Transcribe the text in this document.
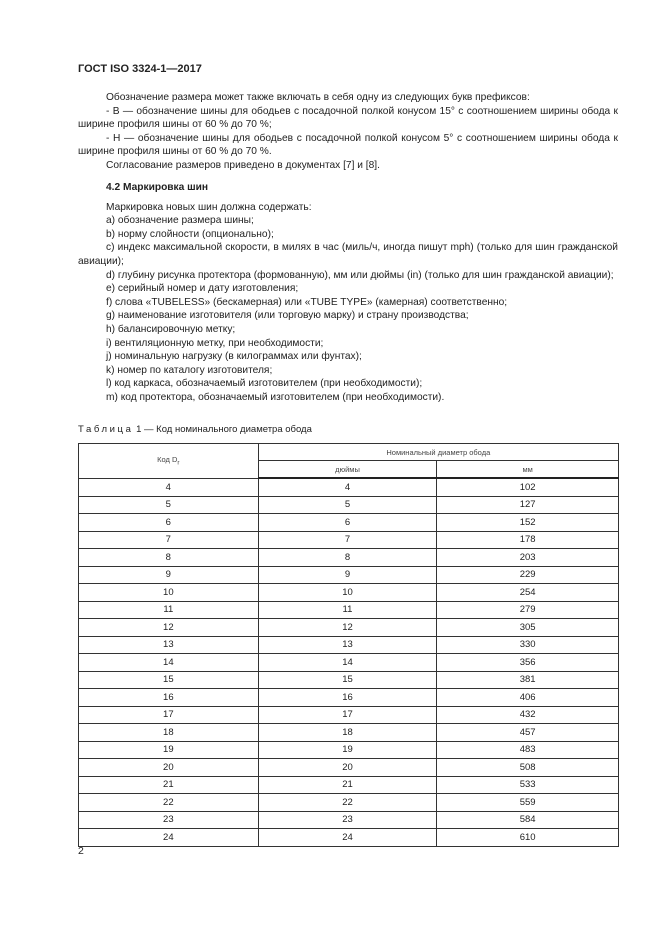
ГОСТ ISO 3324-1—2017

Обозначение размера может также включать в себя одну из следующих букв префиксов:

- В — обозначение шины для ободьев с посадочной полкой конусом 15° с соотношением ширины обода к ширине профиля шины от 60 % до 70 %;

- Н — обозначение шины для ободьев с посадочной полкой конусом 5° с соотношением ширины обода к ширине профиля шины от 60 % до 70 %.

Согласование размеров приведено в документах [7] и [8].

4.2 Маркировка шин

Маркировка новых шин должна содержать:

a) обозначение размера шины;

b) норму слойности (опционально);

c) индекс максимальной скорости, в милях в час (миль/ч, иногда пишут mph) (только для шин гражданской авиации);

d) глубину рисунка протектора (формованную), мм или дюймы (in) (только для шин гражданской авиации);

e) серийный номер и дату изготовления;

f) слова «TUBELESS» (бескамерная) или «TUBE TYPE» (камерная) соответственно;

g) наименование изготовителя (или торговую марку) и страну производства;

h) балансировочную метку;

i) вентиляционную метку, при необходимости;

j) номинальную нагрузку (в килограммах или фунтах);

k) номер по каталогу изготовителя;

l) код каркаса, обозначаемый изготовителем (при необходимости);

m) код протектора, обозначаемый изготовителем (при необходимости).

Таблица 1 — Код номинального диаметра обода
Код $D_r$	Номинальный диаметр обода	
	дюймы	мм
4	4	102
5	5	127
6	6	152
7	7	178
8	8	203
9	9	229
10	10	254
11	11	279
12	12	305
13	13	330
14	14	356
15	15	381
16	16	406
17	17	432
18	18	457
19	19	483
20	20	508
21	21	533
22	22	559
23	23	584
24	24	610
2
